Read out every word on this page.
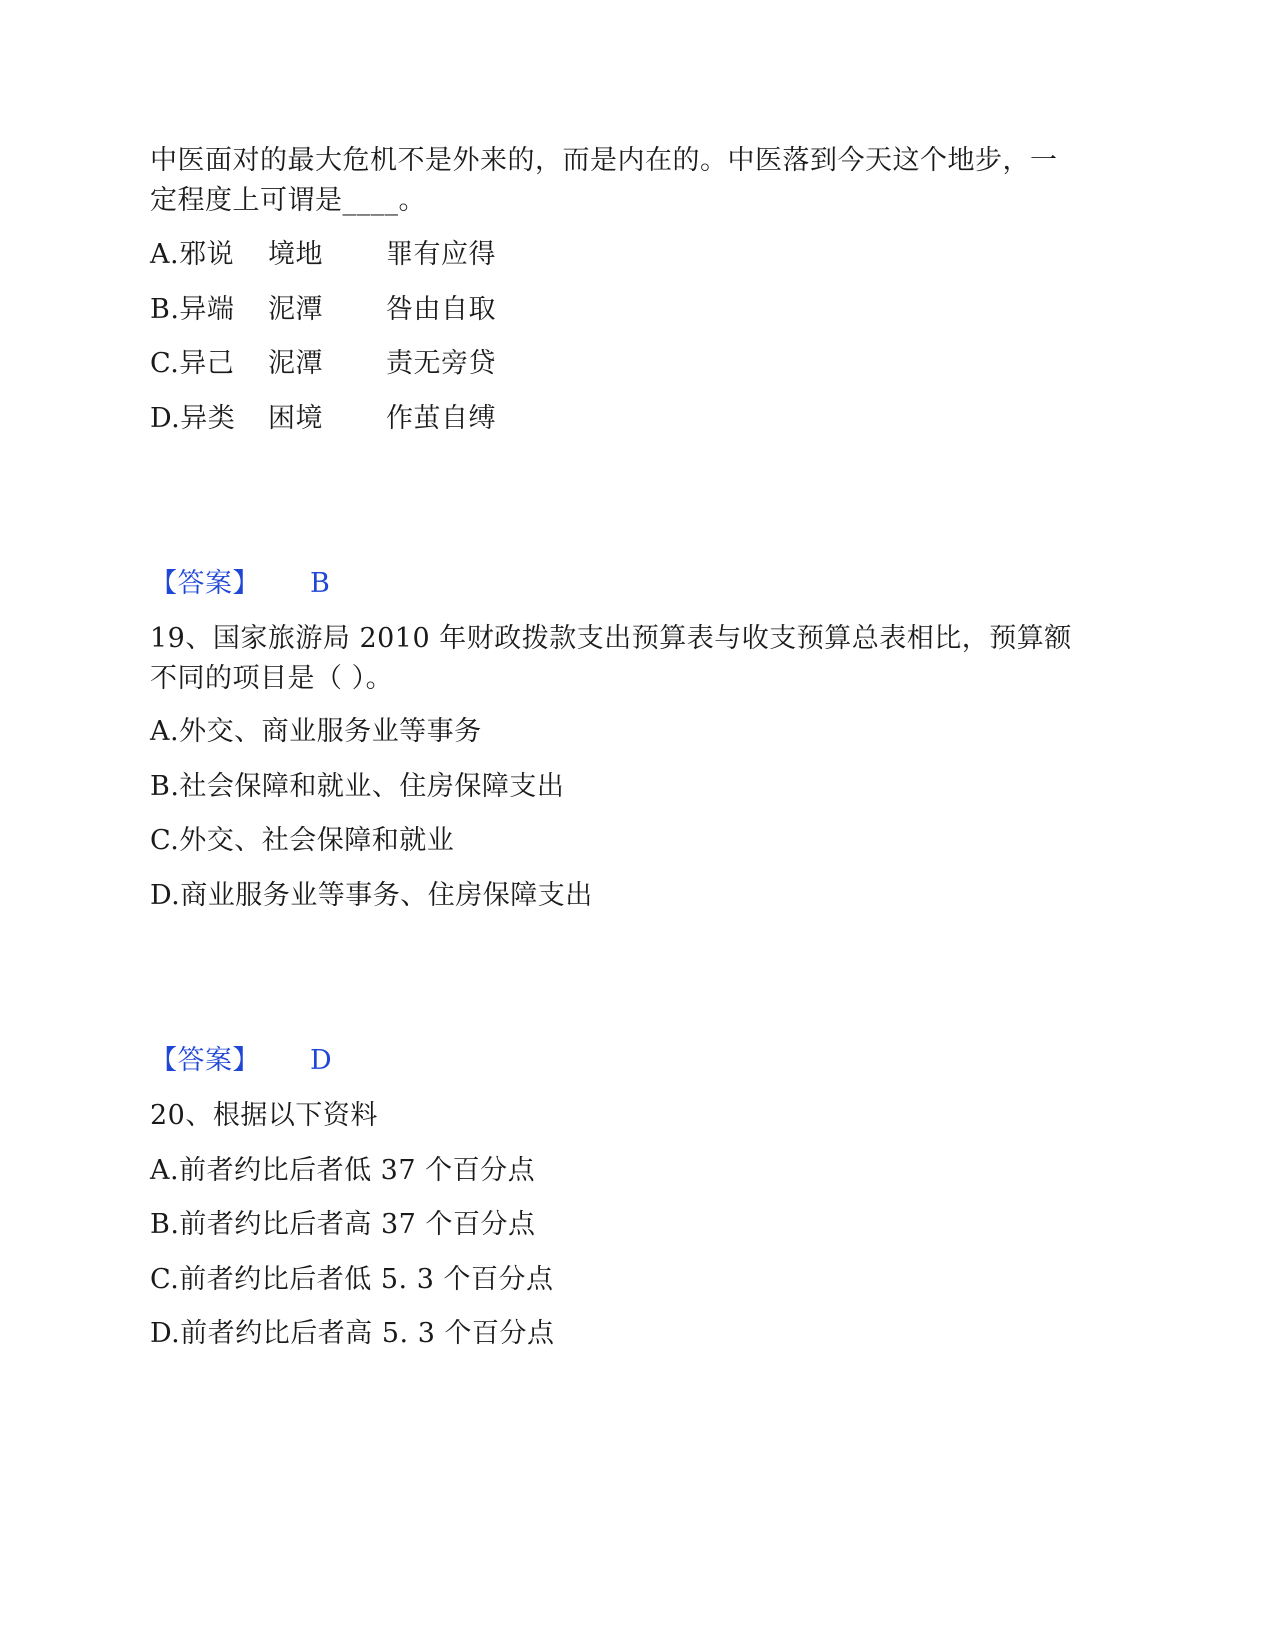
中医面对的最大危机不是外来的，而是内在的。中医落到今天这个地步，一
定程度上可谓是____。
A.邪说 境地 罪有应得
B.异端 泥潭 咎由自取
C.异己 泥潭 责无旁贷
D.异类 困境 作茧自缚
【答案】 B
19、国家旅游局 2010 年财政拨款支出预算表与收支预算总表相比，预算额
不同的项目是（ ）。
A.外交、商业服务业等事务
B.社会保障和就业、住房保障支出
C.外交、社会保障和就业
D.商业服务业等事务、住房保障支出
【答案】 D
20、根据以下资料
A.前者约比后者低 37 个百分点
B.前者约比后者高 37 个百分点
C.前者约比后者低 5. 3 个百分点
D.前者约比后者高 5. 3 个百分点
